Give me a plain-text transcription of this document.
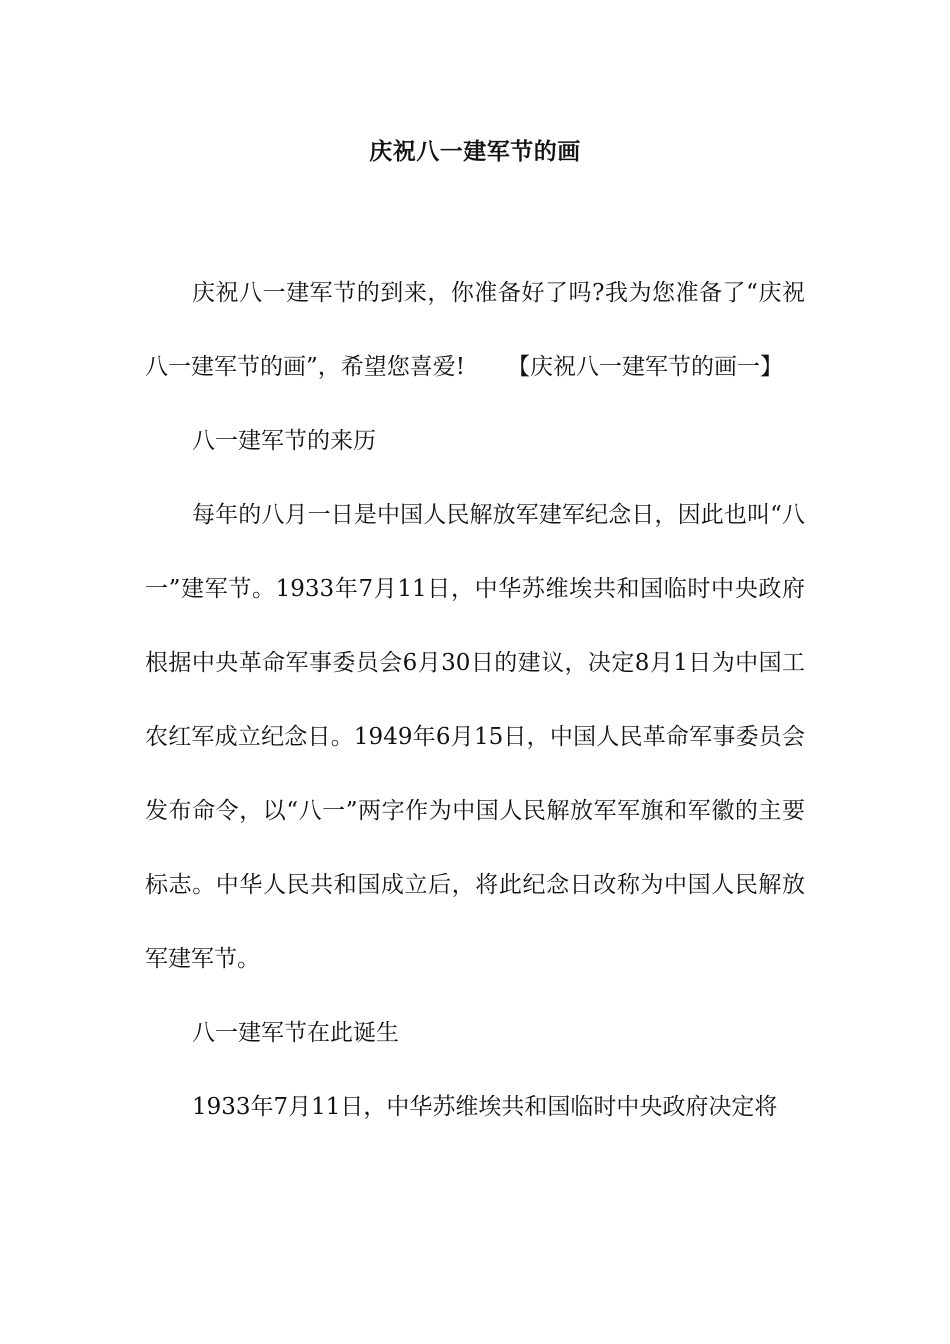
庆祝八一建军节的画

庆祝八一建军节的到来，你准备好了吗?我为您准备了“庆祝八一建军节的画”，希望您喜爱! 【庆祝八一建军节的画一】

八一建军节的来历

每年的八月一日是中国人民解放军建军纪念日，因此也叫“八一”建军节。1933年7月11日，中华苏维埃共和国临时中央政府根据中央革命军事委员会6月30日的建议，决定8月1日为中国工农红军成立纪念日。1949年6月15日，中国人民革命军事委员会发布命令，以“八一”两字作为中国人民解放军军旗和军徽的主要标志。中华人民共和国成立后，将此纪念日改称为中国人民解放军建军节。

八一建军节在此诞生

1933年7月11日，中华苏维埃共和国临时中央政府决定将
